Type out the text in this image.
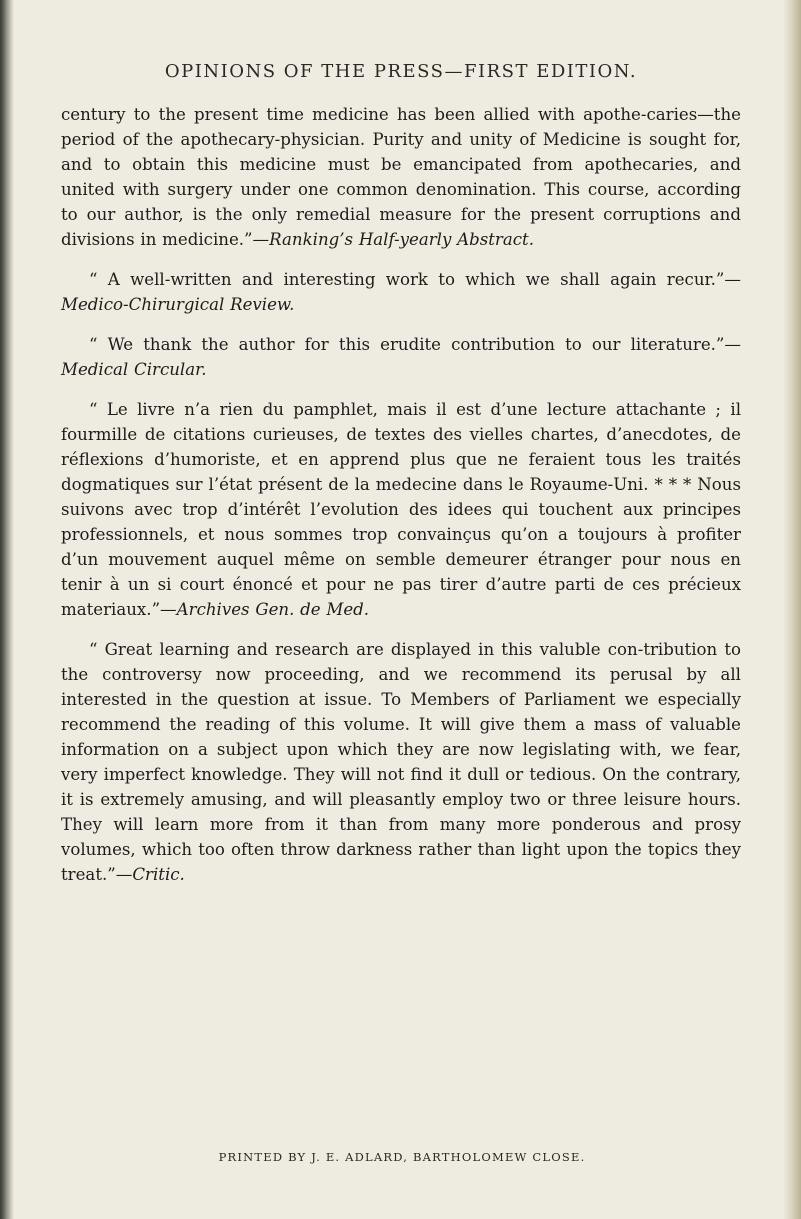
OPINIONS OF THE PRESS—FIRST EDITION.

century to the present time medicine has been allied with apothe-caries—the period of the apothecary-physician. Purity and unity of Medicine is sought for, and to obtain this medicine must be emancipated from apothecaries, and united with surgery under one common denomination. This course, according to our author, is the only remedial measure for the present corruptions and divisions in medicine.”—Ranking’s Half-yearly Abstract.

“ A well-written and interesting work to which we shall again recur.”—Medico-Chirurgical Review.

“ We thank the author for this erudite contribution to our literature.”—Medical Circular.

“ Le livre n’a rien du pamphlet, mais il est d’une lecture attachante ; il fourmille de citations curieuses, de textes des vielles chartes, d’anecdotes, de réflexions d’humoriste, et en apprend plus que ne feraient tous les traités dogmatiques sur l’état présent de la medecine dans le Royaume-Uni. * * * Nous suivons avec trop d’intérêt l’evolution des idees qui touchent aux principes professionnels, et nous sommes trop convainçus qu’on a toujours à profiter d’un mouvement auquel même on semble demeurer étranger pour nous en tenir à un si court énoncé et pour ne pas tirer d’autre parti de ces précieux materiaux.”—Archives Gen. de Med.

“ Great learning and research are displayed in this valuble con-tribution to the controversy now proceeding, and we recommend its perusal by all interested in the question at issue. To Members of Parliament we especially recommend the reading of this volume. It will give them a mass of valuable information on a subject upon which they are now legislating with, we fear, very imperfect knowledge. They will not find it dull or tedious. On the contrary, it is extremely amusing, and will pleasantly employ two or three leisure hours. They will learn more from it than from many more ponderous and prosy volumes, which too often throw darkness rather than light upon the topics they treat.”—Critic.

PRINTED BY J. E. ADLARD, BARTHOLOMEW CLOSE.
